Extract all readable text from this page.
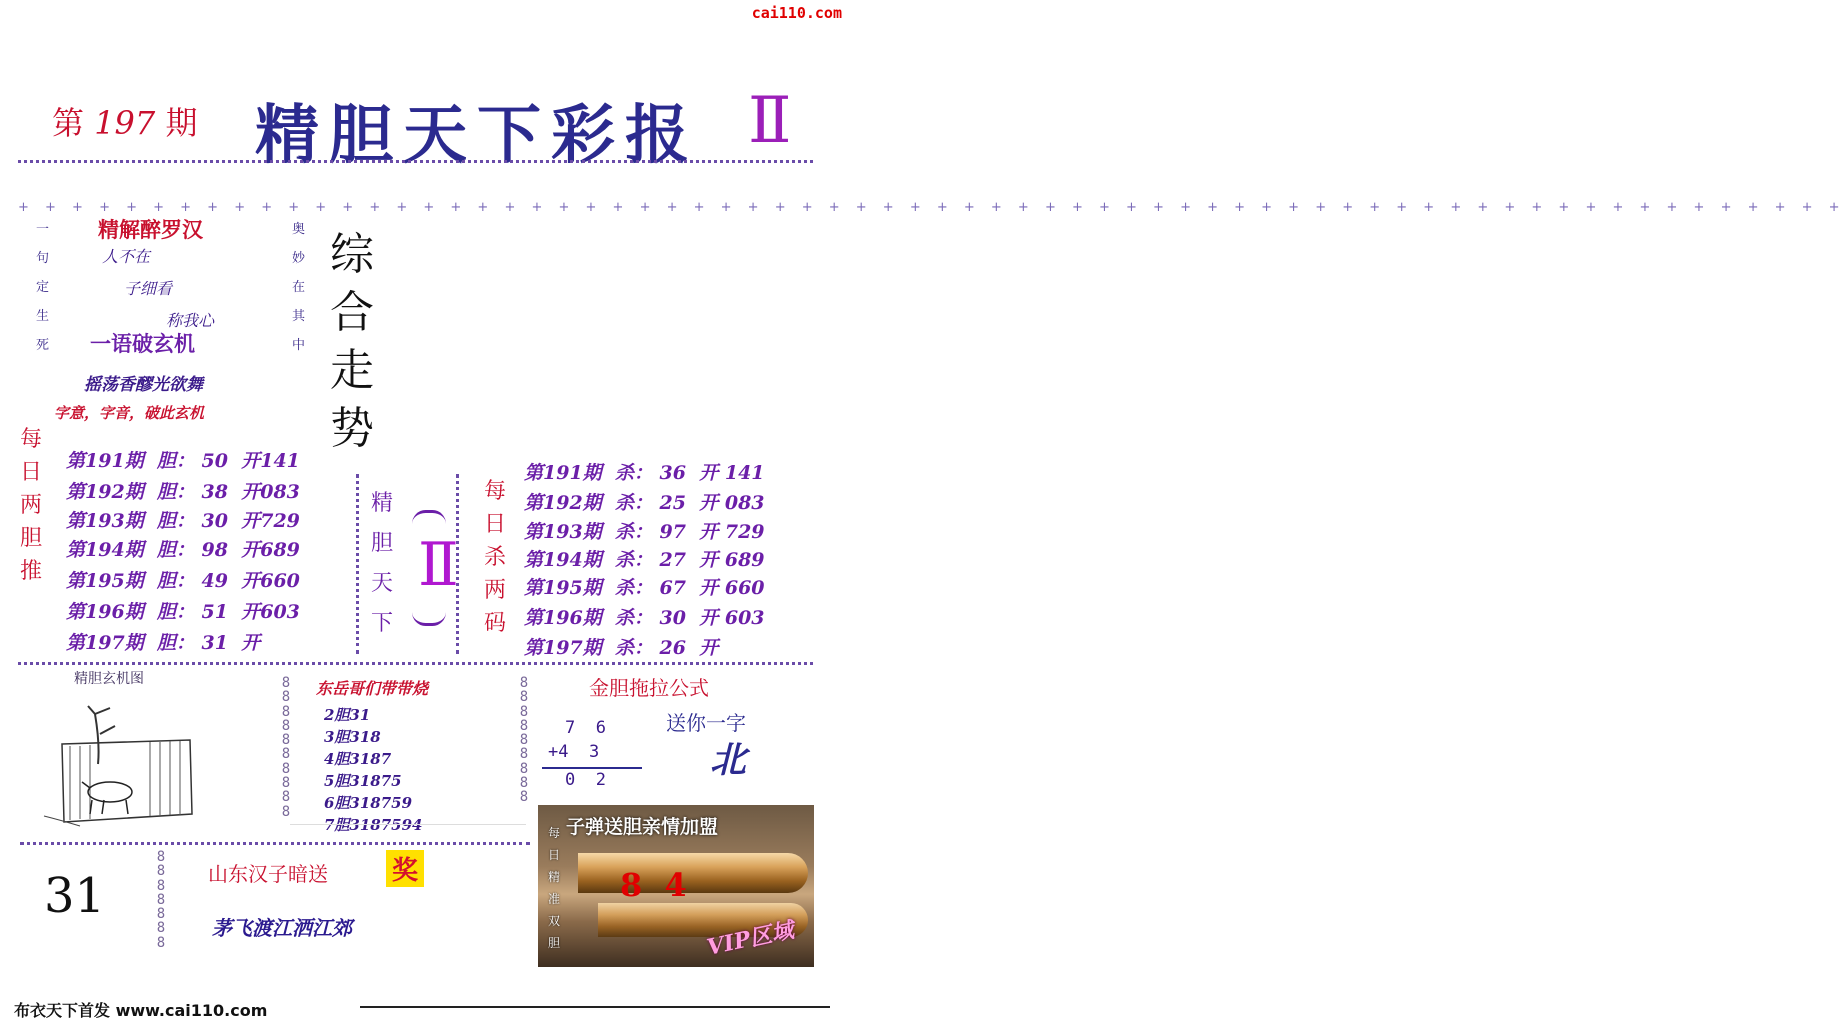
cai110.com
第 197 期 精胆天下彩报 Ⅱ
+ + + + + + + + + + + + + + + + + + + + + + + + + + + + + + + + + + + + + + + + + + + + + + + + + + + + + + + + + + + + + + + + + + + +
一
句
定
生
死
奥
妙
在
其
中
精解醉罗汉
人不在
子细看
称我心
一语破玄机
摇荡香醪光欲舞
字意，字音，破此玄机
综
合
走
势
每
日
两
胆
推
第191期 胆： 50 开141
第192期 胆： 38 开083
第193期 胆： 30 开729
第194期 胆： 98 开689
第195期 胆： 49 开660
第196期 胆： 51 开603
第197期 胆： 31 开
精
胆
天
下
Ⅱ
每
日
杀
两
码
第191期 杀： 36 开 141
第192期 杀： 25 开 083
第193期 杀： 97 开 729
第194期 杀： 27 开 689
第195期 杀： 67 开 660
第196期 杀： 30 开 603
第197期 杀： 26 开
精胆玄机图	8
8
8
8
8
8
8
8
8
8
8
8
8
8
8
8
8
8
8
东岳哥们带带烧
2胆31
3胆318
4胆3187
5胆31875
6胆318759
7胆3187594
金胆拖拉公式
7  6
+4  3
0  2
送你一字
北
8
8
8
8
8
8
8
31	山东汉子暗送 奖
茅飞渡江洒江郊
子弹送胆亲情加盟
每
日
精
准
双
胆
8  4
VIP区域
布衣天下首发 www.cai110.com
